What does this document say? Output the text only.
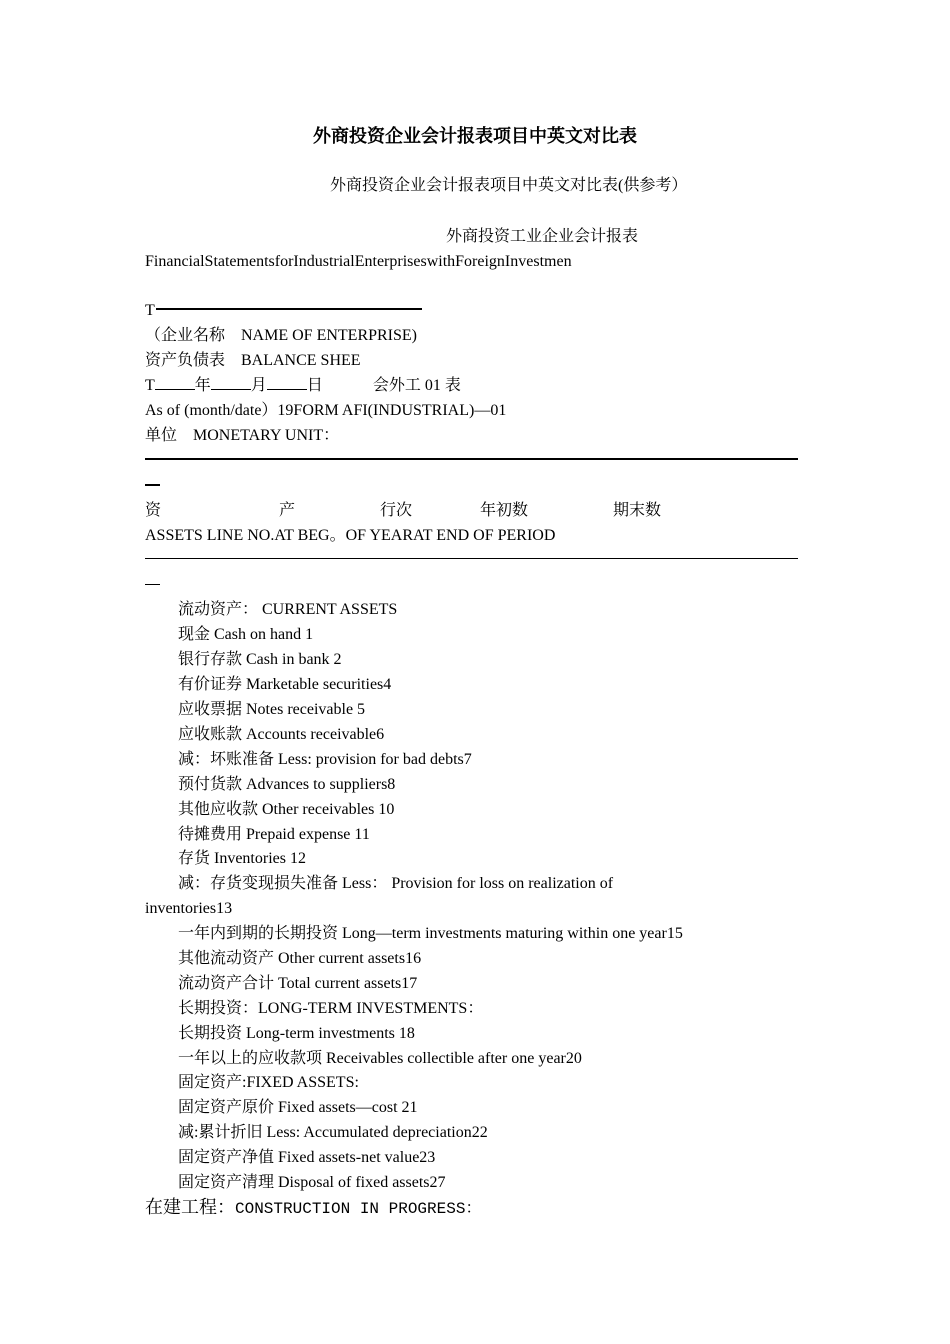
外商投资企业会计报表项目中英文对比表
外商投资企业会计报表项目中英文对比表(供参考）
外商投资工业企业会计报表
FinancialStatementsforIndustrialEnterpriseswithForeignInvestmen
T
（企业名称　NAME OF ENTERPRISE)
资产负债表　BALANCE SHEE
T	年	月	日	会外工 01 表
As of (month/date）19FORM AFI(INDUSTRIAL)—01
单位　MONETARY UNIT：
资	产	行次	年初数	期末数
ASSETS LINE NO.AT BEG。OF YEARAT END OF PERIOD
流动资产： CURRENT ASSETS
现金 Cash on hand 1
银行存款 Cash in bank 2
有价证券 Marketable securities4
应收票据 Notes receivable 5
应收账款 Accounts receivable6
减：坏账准备 Less: provision for bad debts7
预付货款 Advances to suppliers8
其他应收款 Other receivables 10
待摊费用 Prepaid expense 11
存货 Inventories 12
减：存货变现损失准备 Less： Provision for loss on realization of
inventories13
一年内到期的长期投资 Long—term investments maturing within one year15
其他流动资产 Other current assets16
流动资产合计 Total current assets17
长期投资：LONG-TERM INVESTMENTS：
长期投资 Long-term investments 18
一年以上的应收款项 Receivables collectible after one year20
固定资产:FIXED ASSETS:
固定资产原价 Fixed assets—cost 21
减:累计折旧 Less: Accumulated depreciation22
固定资产净值 Fixed assets-net value23
固定资产清理 Disposal of fixed assets27
在建工程：CONSTRUCTION IN PROGRESS：
